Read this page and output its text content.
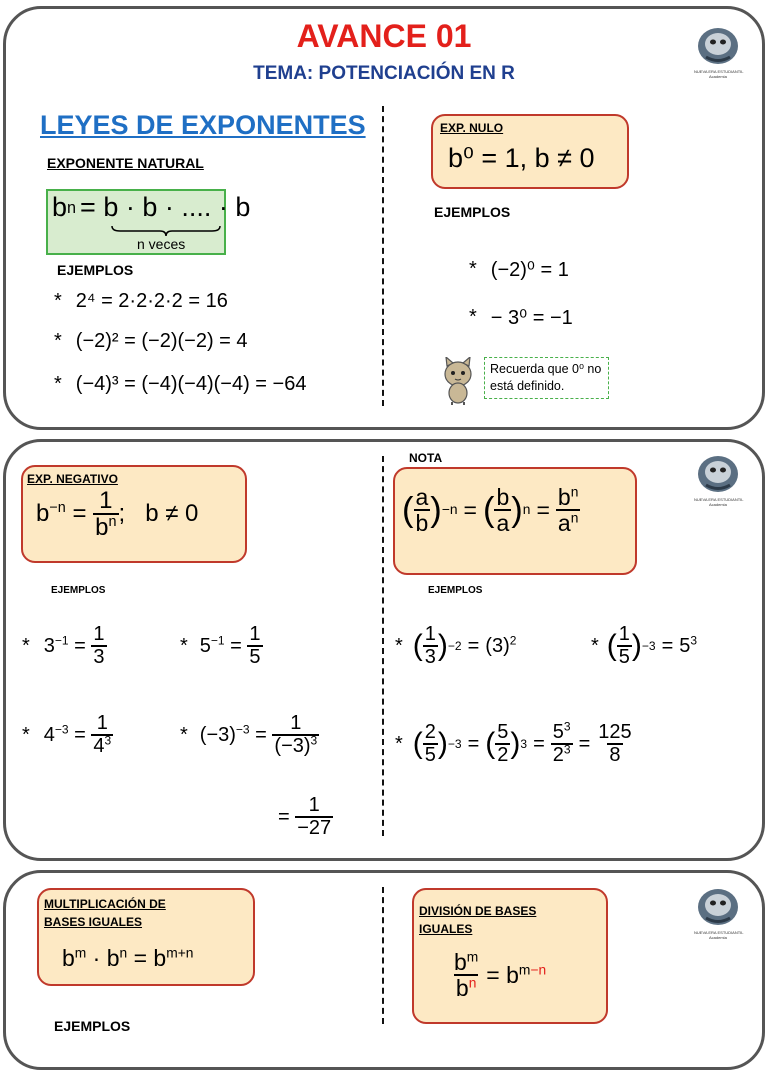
AVANCE 01
TEMA: POTENCIACIÓN EN R	NUEVA ERA ESTUDIANTIL
Academia
LEYES DE EXPONENTES
EXPONENTE NATURAL
b n = b · b · .... · b
n veces
EJEMPLOS
* 2⁴ = 2·2·2·2 = 16
* (−2)² = (−2)(−2) = 4
* (−4)³ = (−4)(−4)(−4) = −64
EXP. NULO
b⁰ = 1, b ≠ 0
EJEMPLOS
* (−2)⁰ = 1
* − 3⁰ = −1
Recuerda que 0⁰ no está definido.
NUEVA ERA ESTUDIANTIL
Academia
EXP. NEGATIVO
$b^{-n} = \frac{1}{b^n}$ ;   b ≠ 0
NOTA
( $\frac{a}{b}$ ) −n = ( $\frac{b}{a}$ ) $n = \frac{b^n}{a^n}$
EJEMPLOS	EJEMPLOS
* $3^{-1} = \frac{1}{3}$	* $5^{-1} = \frac{1}{5}$
* $4^{-3} = \frac{1}{4^3}$	* $(-3)^{-3} = \frac{1}{(-3)^3}$
= $\frac{1}{-27}$
* ( $\frac{1}{3}$ ) $-2 = (3)^2$	* ( $\frac{1}{5}$ ) $-3 = 5^3$
* ( $\frac{2}{5}$ ) −3 = ( $\frac{5}{2}$ ) $3 = \frac{5^3}{2^3} = \frac{125}{8}$
NUEVA ERA ESTUDIANTIL
Academia
MULTIPLICACIÓN DE
BASES IGUALES
$b^m \cdot b^n = b^{m+n}$
DIVISIÓN DE BASES
IGUALES
$\frac{b^m}{b^n} = b^{m-n}$
EJEMPLOS
